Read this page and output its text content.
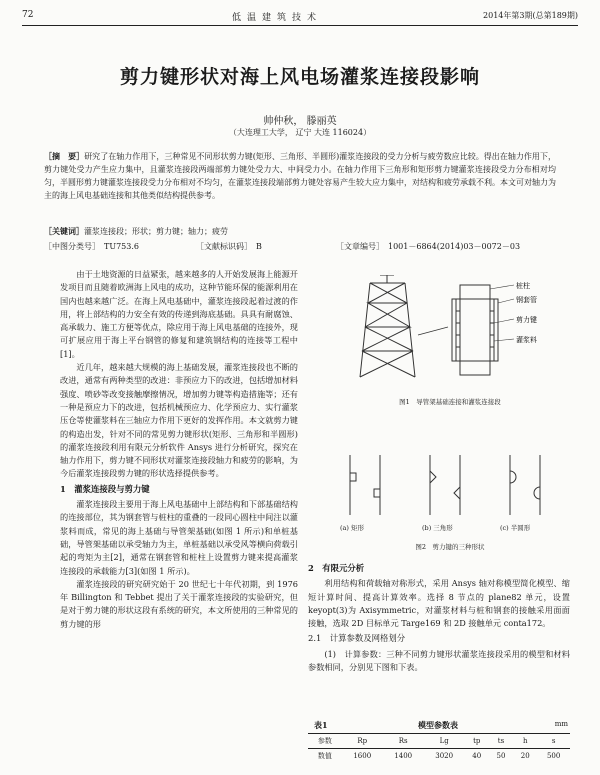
72	低温建筑技术	2014年第3期(总第189期)
剪力键形状对海上风电场灌浆连接段影响
帅仲秋， 滕丽英
（大连理工大学， 辽宁 大连 116024）
［摘　要］研究了在轴力作用下，三种常见不同形状剪力键(矩形、三角形、半圆形)灌浆连接段的受力分析与疲劳数应比较。得出在轴力作用下，剪力键处受力产生应力集中，且灌浆连接段两端部剪力键处受力大、中间受力小。在轴力作用下三角形和矩形剪力键灌浆连接段受力分布相对均匀，半圆形剪力键灌浆连接段受力分布相对不均匀，在灌浆连接段端部剪力键处容易产生较大应力集中，对结构和疲劳承载不利。本文可对轴力为主的海上风电基础连接和其他类似结构提供参考。
［关键词］灌浆连接段；形状；剪力键；轴力；疲劳
［中图分类号］　TU753.6	［文献标识码］　B	［文章编号］　1001－6864(2014)03－0072－03

由于土地资源的日益紧张，越来越多的人开始发展海上能源开发项目而且随着欧洲海上风电的成功，这种节能环保的能源利用在国内也越来越广泛。在海上风电基础中，灌浆连接段起着过渡的作用，将上部结构的力安全有效的传递到海底基础。具具有耐腐蚀、高承载力、施工方便等优点，除应用于海上风电基础的连接外，现可扩展应用于海上平台钢管的修复和建筑钢结构的连接等工程中[1]。

近几年，越来越大规模的海上基础发展，灌浆连接段也不断的改进，通常有两种类型的改进：非预应力下的改进，包括增加材料强度、喷砂等改变接触摩擦情况，增加剪力键等构造措施等；还有一种是预应力下的改进，包括机械预应力、化学预应力、实行灌浆压仓等使灌浆料在三轴应力作用下更好的发挥作用。本文就剪力键的构造出发，针对不同的常见剪力键形状(矩形、三角形和半圆形)的灌浆连接段利用有限元分析软件 Ansys 进行分析研究，探究在轴力作用下，剪力键不同形状对灌浆连接段轴力和疲劳的影响，为今后灌浆连接段剪力键的形状选择提供参考。

1　灌浆连接段与剪力键

灌浆连接段主要用于海上风电基础中上部结构和下部基础结构的连接部位，其为钢套管与桩柱的重叠的一段同心圆柱中间注以灌浆料而成，常见的海上基础与导管架基础(如图 1 所示)和单桩基础，导管架基础以承受轴力为主，单桩基础以承受风等横向荷载引起的弯矩为主[2]，通常在钢套管和桩柱上设置剪力键来提高灌浆连接段的承载能力[3](如图 1 所示)。

灌浆连接段的研究研究始于 20 世纪七十年代初期，到 1976 年 Billington 和 Tebbet 提出了关于灌浆连接段的实验研究，但是对于剪力键的形状这段有系统的研究，本文所使用的三种常见的剪力键的形

桩柱
钢套管
剪力键
灌浆料
图1　导管架基础连接和灌浆连接段
(a) 矩形	(b) 三角形	(c) 半圆形
图2　剪力键的三种形状
2　有限元分析

利用结构和荷载轴对称形式，采用 Ansys 轴对称模型简化模型、缩短计算时间、提高计算效率。选择 8 节点的 plane82 单元，设置 keyopt(3)为 Axisymmetric，对灌浆材料与桩和钢套的接触采用面面接触，选取 2D 目标单元 Targe169 和 2D 接触单元 conta172。

2.1　计算参数及网格划分

(1)　计算参数：三种不同剪力键形状灌浆连接段采用的模型和材料参数相同，分别见下图和下表。

表1	模型参数表	mm
参数	Rp	Rs	Lg	tp	ts	h	s
数值	1600	1400	3020	40	50	20	500
